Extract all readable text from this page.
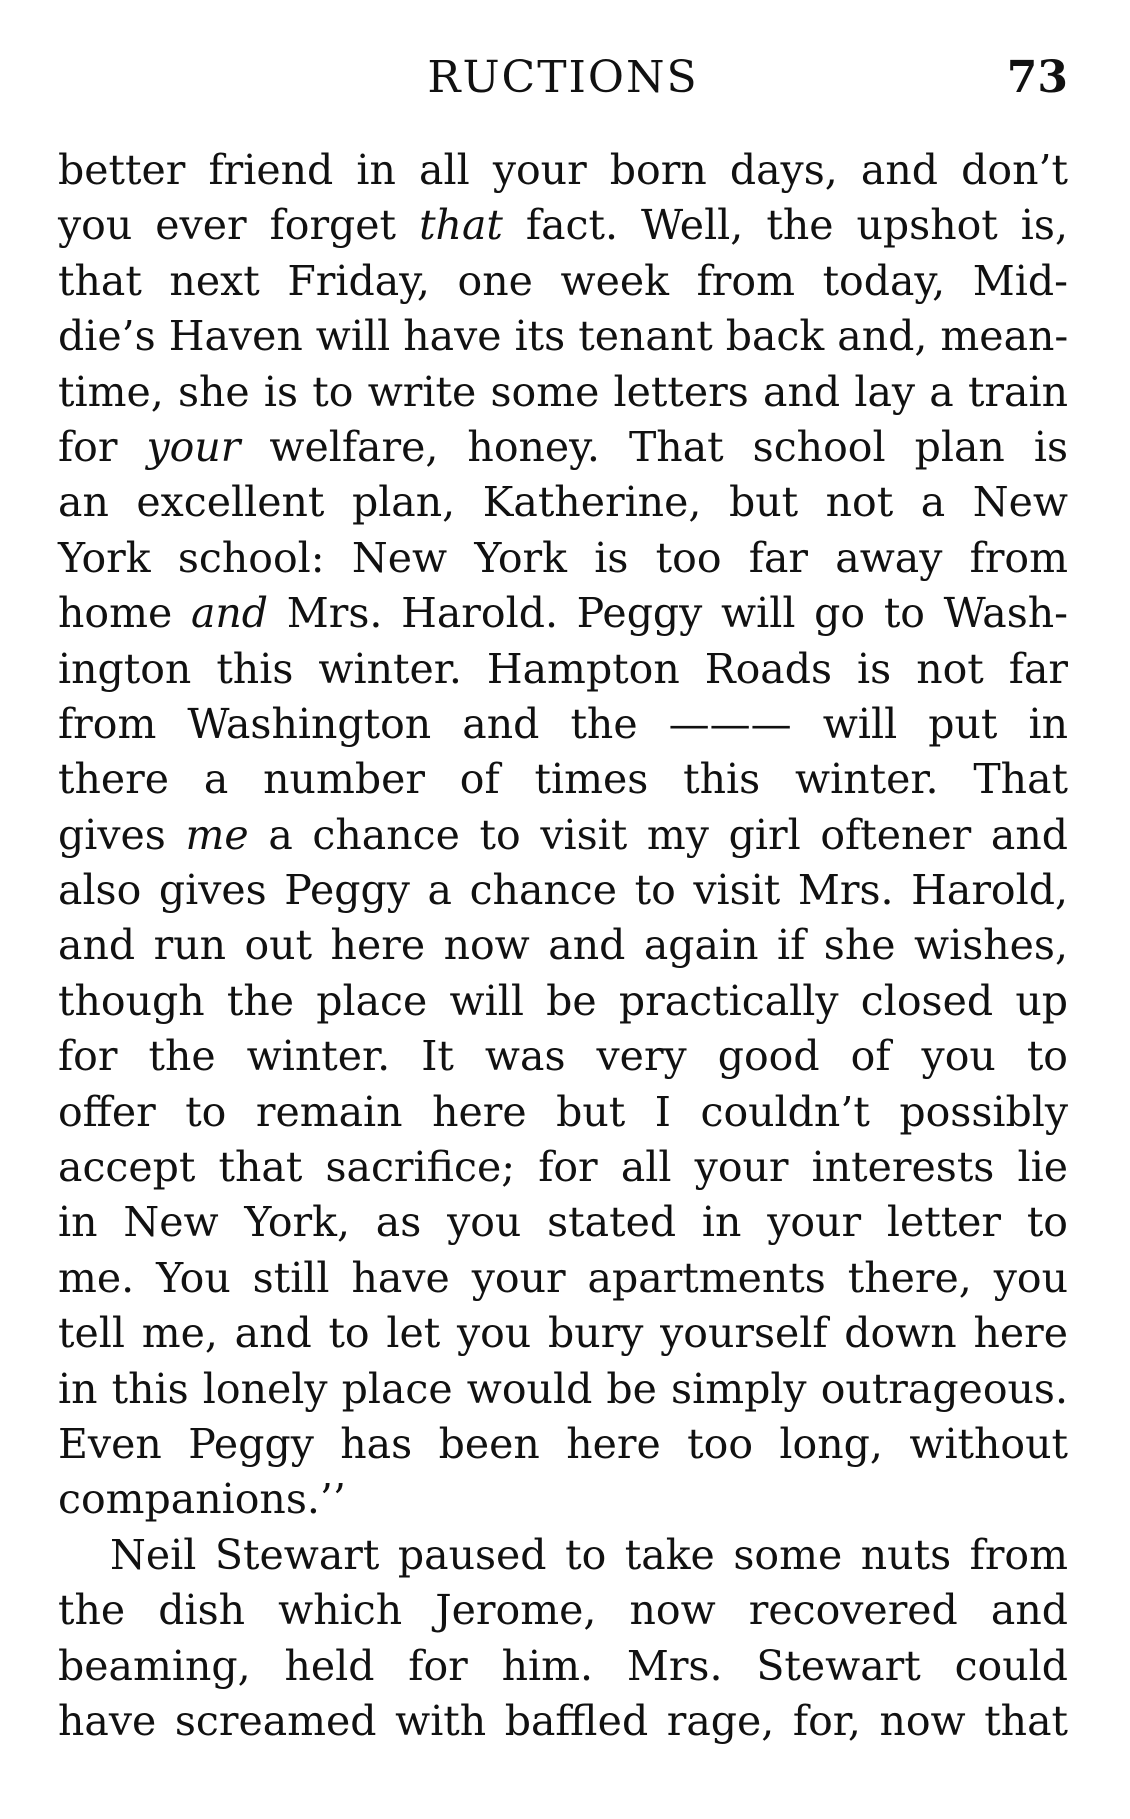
RUCTIONS	73
better friend in all your born days, and don’t
you ever forget that fact. Well, the upshot is,
that next Friday, one week from today, Mid-
die’s Haven will have its tenant back and, mean-
time, she is to write some letters and lay a train
for your welfare, honey. That school plan is
an excellent plan, Katherine, but not a New
York school: New York is too far away from
home and Mrs. Harold. Peggy will go to Wash-
ington this winter. Hampton Roads is not far
from Washington and the ——— will put in
there a number of times this winter. That
gives me a chance to visit my girl oftener and
also gives Peggy a chance to visit Mrs. Harold,
and run out here now and again if she wishes,
though the place will be practically closed up
for the winter. It was very good of you to
offer to remain here but I couldn’t possibly
accept that sacrifice; for all your interests lie
in New York, as you stated in your letter to
me. You still have your apartments there, you
tell me, and to let you bury yourself down here
in this lonely place would be simply outrageous.
Even Peggy has been here too long, without
companions.’’
Neil Stewart paused to take some nuts from
the dish which Jerome, now recovered and
beaming, held for him. Mrs. Stewart could
have screamed with baffled rage, for, now that
